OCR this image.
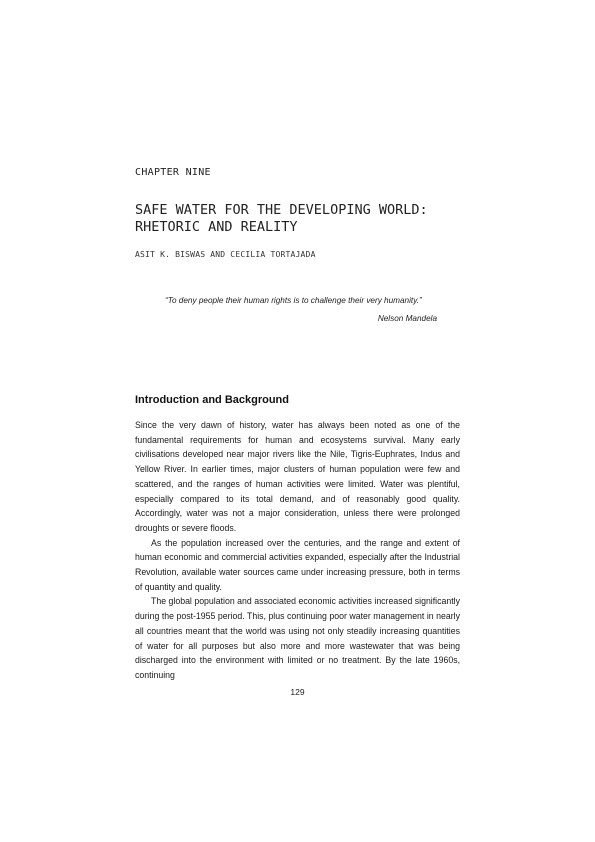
CHAPTER NINE
SAFE WATER FOR THE DEVELOPING WORLD: RHETORIC AND REALITY
ASIT K. BISWAS AND CECILIA TORTAJADA
“To deny people their human rights is to challenge their very humanity.”
Nelson Mandela
Introduction and Background

Since the very dawn of history, water has always been noted as one of the fundamental requirements for human and ecosystems survival. Many early civilisations developed near major rivers like the Nile, Tigris-Euphrates, Indus and Yellow River. In earlier times, major clusters of human population were few and scattered, and the ranges of human activities were limited. Water was plentiful, especially compared to its total demand, and of reasonably good quality. Accordingly, water was not a major consideration, unless there were prolonged droughts or severe floods.

As the population increased over the centuries, and the range and extent of human economic and commercial activities expanded, especially after the Industrial Revolution, available water sources came under increasing pressure, both in terms of quantity and quality.

The global population and associated economic activities increased significantly during the post-1955 period. This, plus continuing poor water management in nearly all countries meant that the world was using not only steadily increasing quantities of water for all purposes but also more and more wastewater that was being discharged into the environment with limited or no treatment. By the late 1960s, continuing

129
